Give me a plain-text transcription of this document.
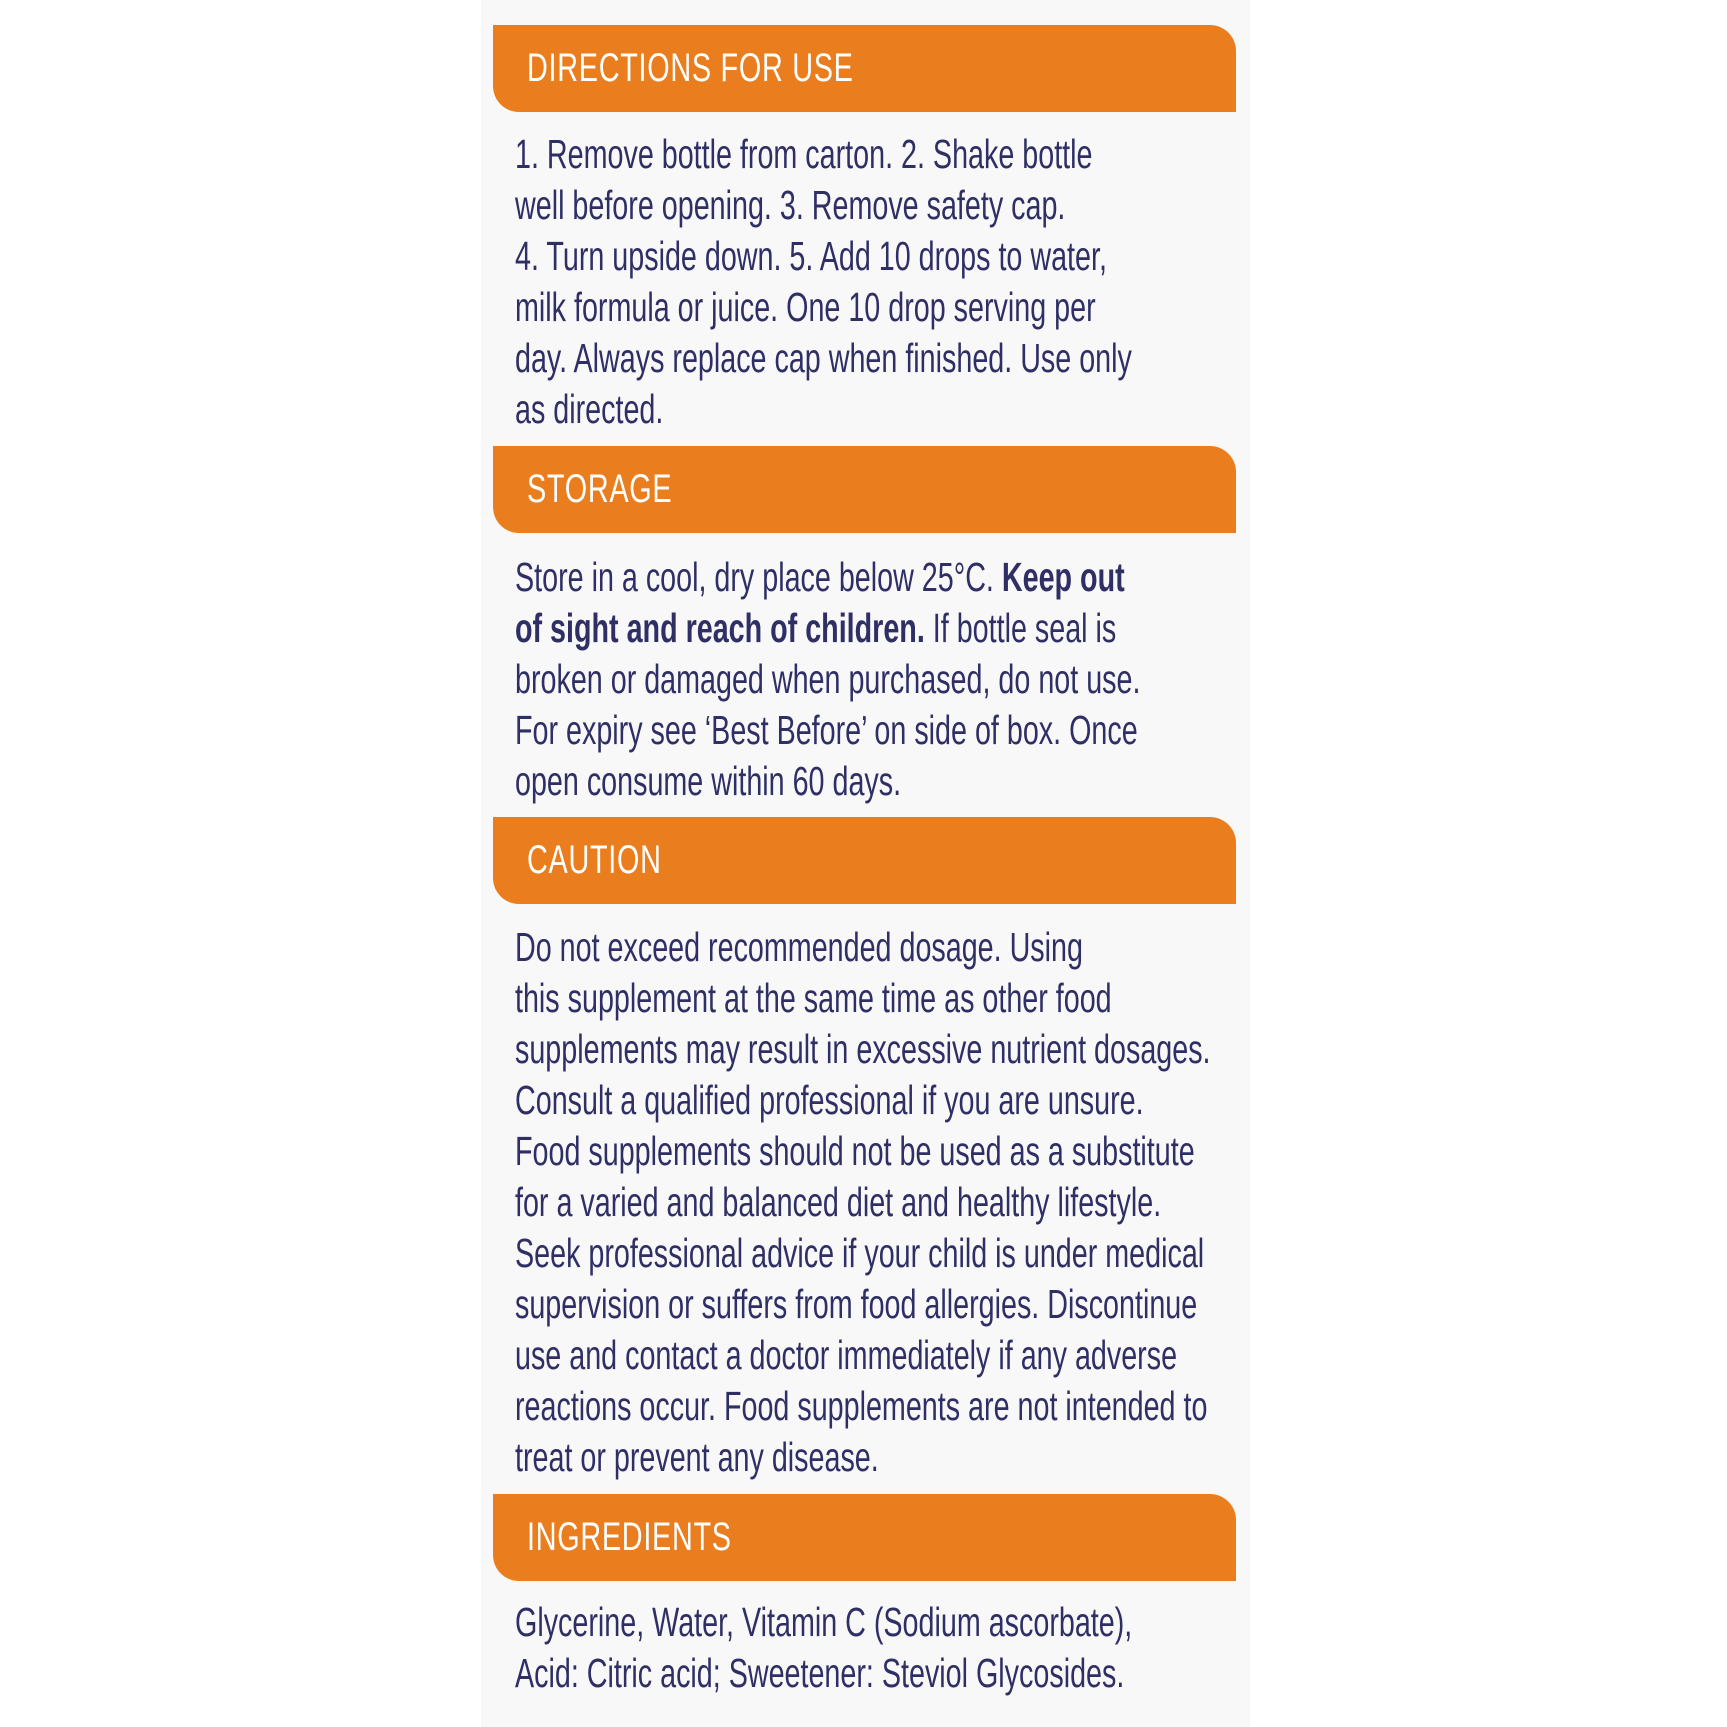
DIRECTIONS FOR USE
1. Remove bottle from carton. 2. Shake bottle
well before opening. 3. Remove safety cap.
4. Turn upside down. 5. Add 10 drops to water,
milk formula or juice. One 10 drop serving per
day. Always replace cap when finished. Use only
as directed.
STORAGE
Store in a cool, dry place below 25°C. Keep out
of sight and reach of children. If bottle seal is
broken or damaged when purchased, do not use.
For expiry see ‘Best Before’ on side of box. Once
open consume within 60 days.
CAUTION
Do not exceed recommended dosage. Using
this supplement at the same time as other food
supplements may result in excessive nutrient dosages.
Consult a qualified professional if you are unsure.
Food supplements should not be used as a substitute
for a varied and balanced diet and healthy lifestyle.
Seek professional advice if your child is under medical
supervision or suffers from food allergies. Discontinue
use and contact a doctor immediately if any adverse
reactions occur. Food supplements are not intended to
treat or prevent any disease.
INGREDIENTS
Glycerine, Water, Vitamin C (Sodium ascorbate),
Acid: Citric acid; Sweetener: Steviol Glycosides.
